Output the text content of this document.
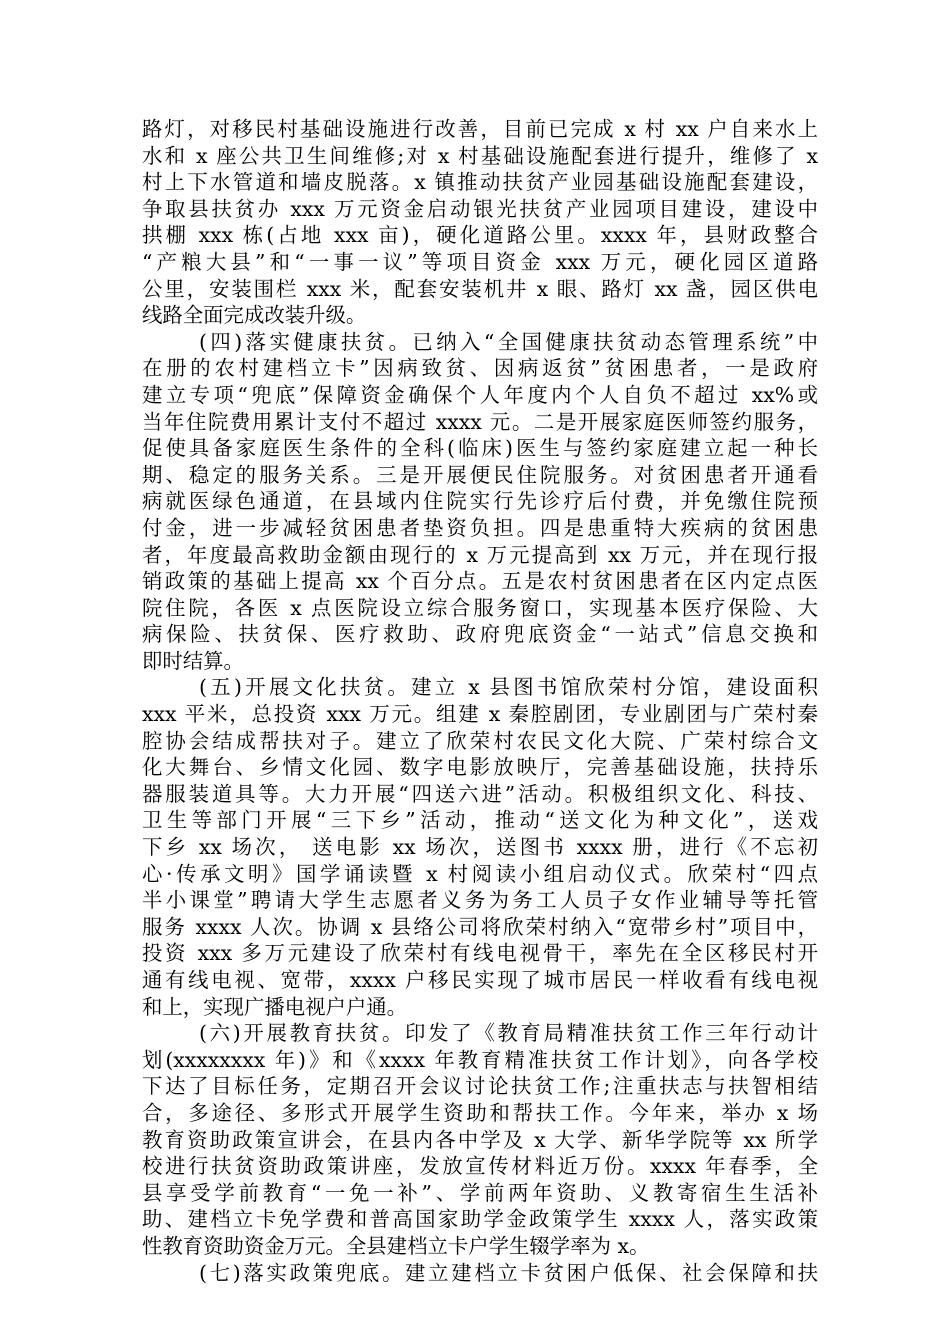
路灯，对移民村基础设施进行改善，目前已完成 x 村 xx 户自来水上
水和 x 座公共卫生间维修;对 x 村基础设施配套进行提升，维修了 x
村上下水管道和墙皮脱落。x 镇推动扶贫产业园基础设施配套建设，
争取县扶贫办 xxx 万元资金启动银光扶贫产业园项目建设，建设中
拱棚 xxx 栋(占地 xxx 亩)，硬化道路公里。xxxx 年，县财政整合
“产粮大县”和“一事一议”等项目资金 xxx 万元，硬化园区道路
公里，安装围栏 xxx 米，配套安装机井 x 眼、路灯 xx 盏，园区供电
线路全面完成改装升级。
(四)落实健康扶贫。已纳入“全国健康扶贫动态管理系统”中
在册的农村建档立卡”因病致贫、因病返贫”贫困患者，一是政府
建立专项“兜底”保障资金确保个人年度内个人自负不超过 xx%或
当年住院费用累计支付不超过 xxxx 元。二是开展家庭医师签约服务，
促使具备家庭医生条件的全科(临床)医生与签约家庭建立起一种长
期、稳定的服务关系。三是开展便民住院服务。对贫困患者开通看
病就医绿色通道，在县域内住院实行先诊疗后付费，并免缴住院预
付金，进一步减轻贫困患者垫资负担。四是患重特大疾病的贫困患
者，年度最高救助金额由现行的 x 万元提高到 xx 万元，并在现行报
销政策的基础上提高 xx 个百分点。五是农村贫困患者在区内定点医
院住院，各医 x 点医院设立综合服务窗口，实现基本医疗保险、大
病保险、扶贫保、医疗救助、政府兜底资金“一站式”信息交换和
即时结算。
(五)开展文化扶贫。建立 x 县图书馆欣荣村分馆，建设面积
xxx 平米，总投资 xxx 万元。组建 x 秦腔剧团，专业剧团与广荣村秦
腔协会结成帮扶对子。建立了欣荣村农民文化大院、广荣村综合文
化大舞台、乡情文化园、数字电影放映厅，完善基础设施，扶持乐
器服装道具等。大力开展“四送六进”活动。积极组织文化、科技、
卫生等部门开展“三下乡”活动，推动“送文化为种文化”，送戏
下乡 xx 场次， 送电影 xx 场次，送图书 xxxx 册，进行《不忘初
心·传承文明》国学诵读暨 x 村阅读小组启动仪式。欣荣村“四点
半小课堂”聘请大学生志愿者义务为务工人员子女作业辅导等托管
服务 xxxx 人次。协调 x 县络公司将欣荣村纳入“宽带乡村”项目中，
投资 xxx 多万元建设了欣荣村有线电视骨干，率先在全区移民村开
通有线电视、宽带，xxxx 户移民实现了城市居民一样收看有线电视
和上，实现广播电视户户通。
(六)开展教育扶贫。印发了《教育局精准扶贫工作三年行动计
划(xxxxxxxx 年)》和《xxxx 年教育精准扶贫工作计划》，向各学校
下达了目标任务，定期召开会议讨论扶贫工作;注重扶志与扶智相结
合，多途径、多形式开展学生资助和帮扶工作。今年来，举办 x 场
教育资助政策宣讲会，在县内各中学及 x 大学、新华学院等 xx 所学
校进行扶贫资助政策讲座，发放宣传材料近万份。xxxx 年春季，全
县享受学前教育“一免一补”、学前两年资助、义教寄宿生生活补
助、建档立卡免学费和普高国家助学金政策学生 xxxx 人，落实政策
性教育资助资金万元。全县建档立卡户学生辍学率为 x。
(七)落实政策兜底。建立建档立卡贫困户低保、社会保障和扶
